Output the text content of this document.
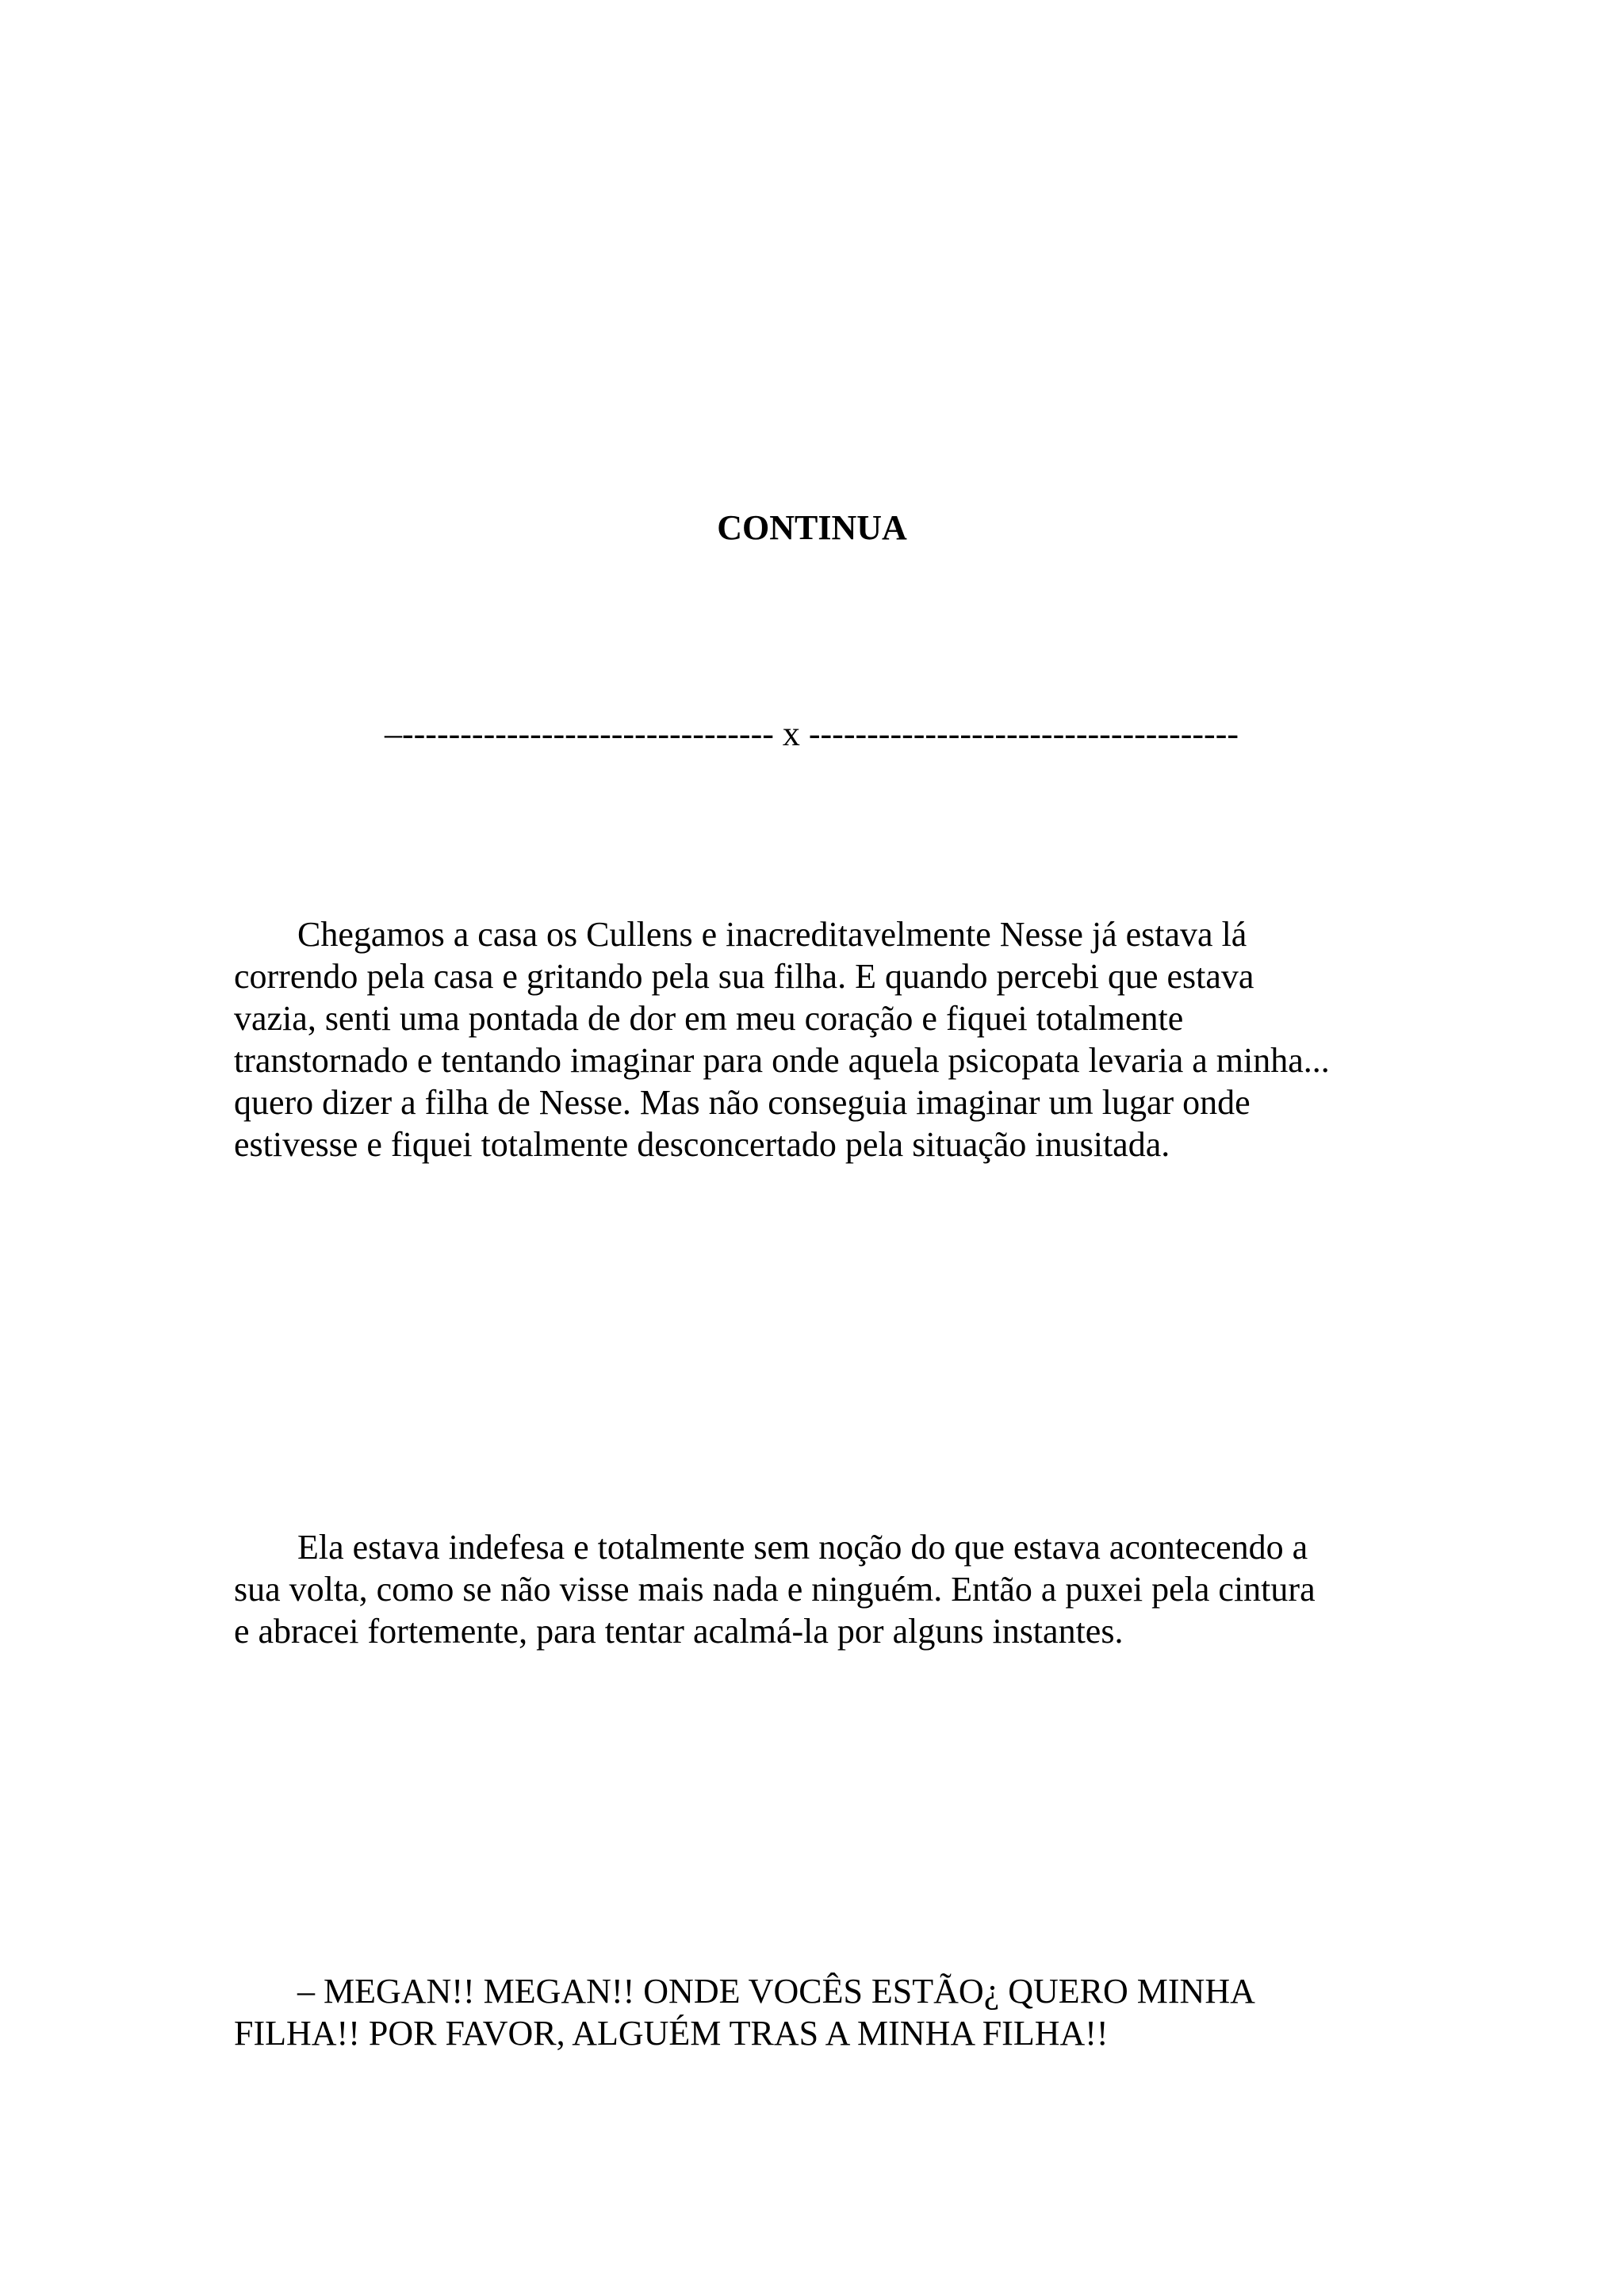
CONTINUA

–-------------------------------- x -------------------------------------

Chegamos a casa os Cullens e inacreditavelmente Nesse já estava lá
correndo pela casa e gritando pela sua filha. E quando percebi que estava
vazia, senti uma pontada de dor em meu coração e fiquei totalmente
transtornado e tentando imaginar para onde aquela psicopata levaria a minha...
quero dizer a filha de Nesse. Mas não conseguia imaginar um lugar onde
estivesse e fiquei totalmente desconcertado pela situação inusitada.

Ela estava indefesa e totalmente sem noção do que estava acontecendo a
sua volta, como se não visse mais nada e ninguém. Então a puxei pela cintura
e abracei fortemente, para tentar acalmá-la por alguns instantes.

– MEGAN!! MEGAN!! ONDE VOCÊS ESTÃO¿ QUERO MINHA
FILHA!! POR FAVOR, ALGUÉM TRAS A MINHA FILHA!!
